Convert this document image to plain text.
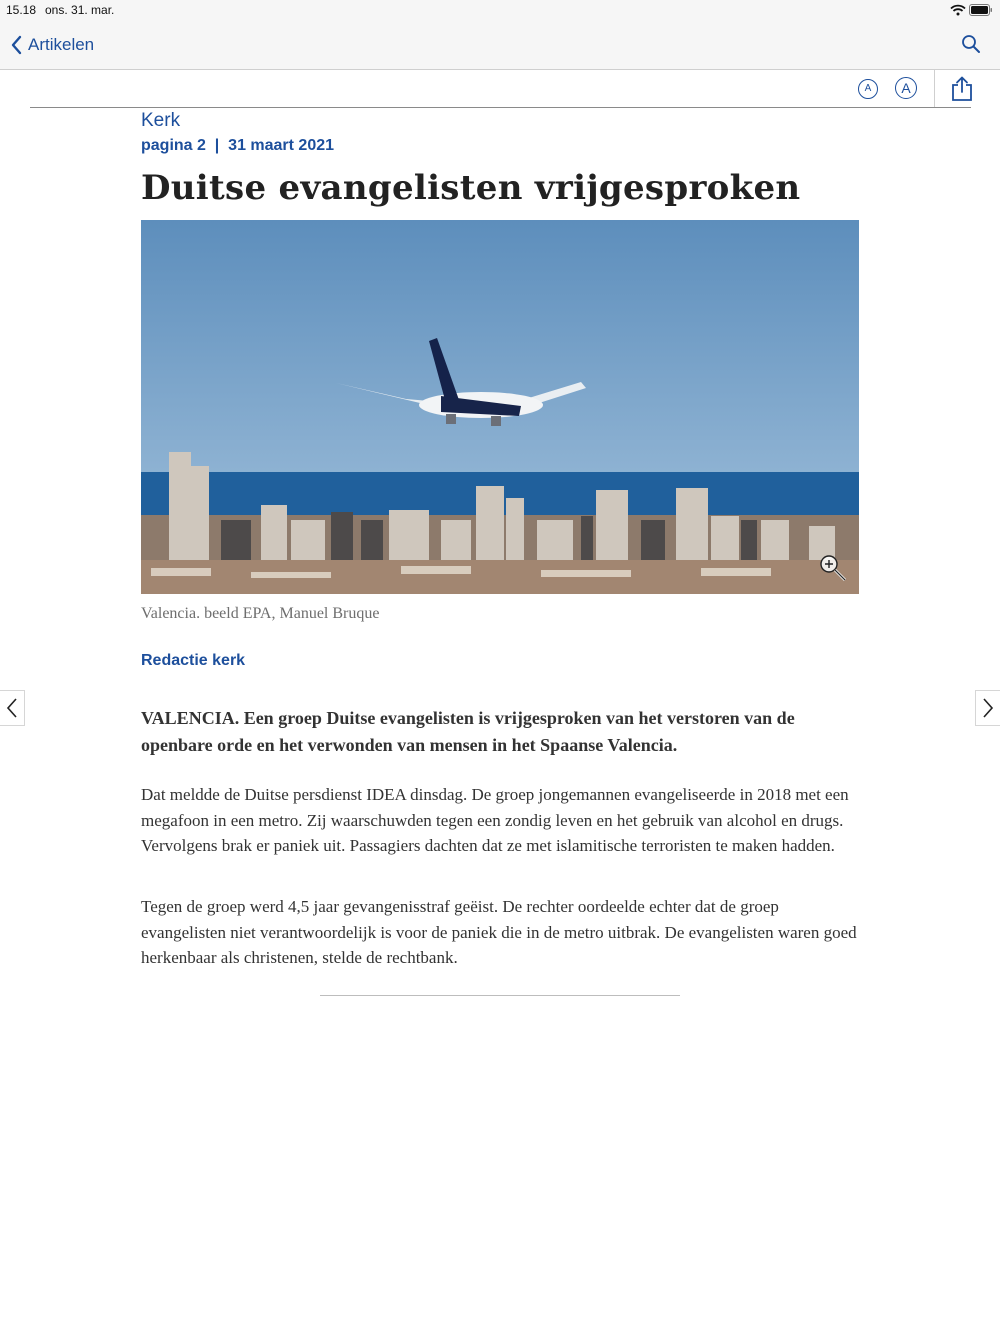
15.18 ons. 31. mar.
Artikelen
A	A
Kerk
pagina 2  |  31 maart 2021
Duitse evangelisten vrijgesproken
Valencia. beeld EPA, Manuel Bruque
Redactie kerk

VALENCIA. Een groep Duitse evangelisten is vrijgesproken van het verstoren van de openbare orde en het verwonden van mensen in het Spaanse Valencia.

Dat meldde de Duitse persdienst IDEA dinsdag. De groep jongemannen evangeliseerde in 2018 met een megafoon in een metro. Zij waarschuwden tegen een zondig leven en het gebruik van alcohol en drugs. Vervolgens brak er paniek uit. Passagiers dachten dat ze met islamitische terroristen te maken hadden.

Tegen de groep werd 4,5 jaar gevangenisstraf geëist. De rechter oordeelde echter dat de groep evangelisten niet verantwoordelijk is voor de paniek die in de metro uitbrak. De evangelisten waren goed herkenbaar als christenen, stelde de rechtbank.
